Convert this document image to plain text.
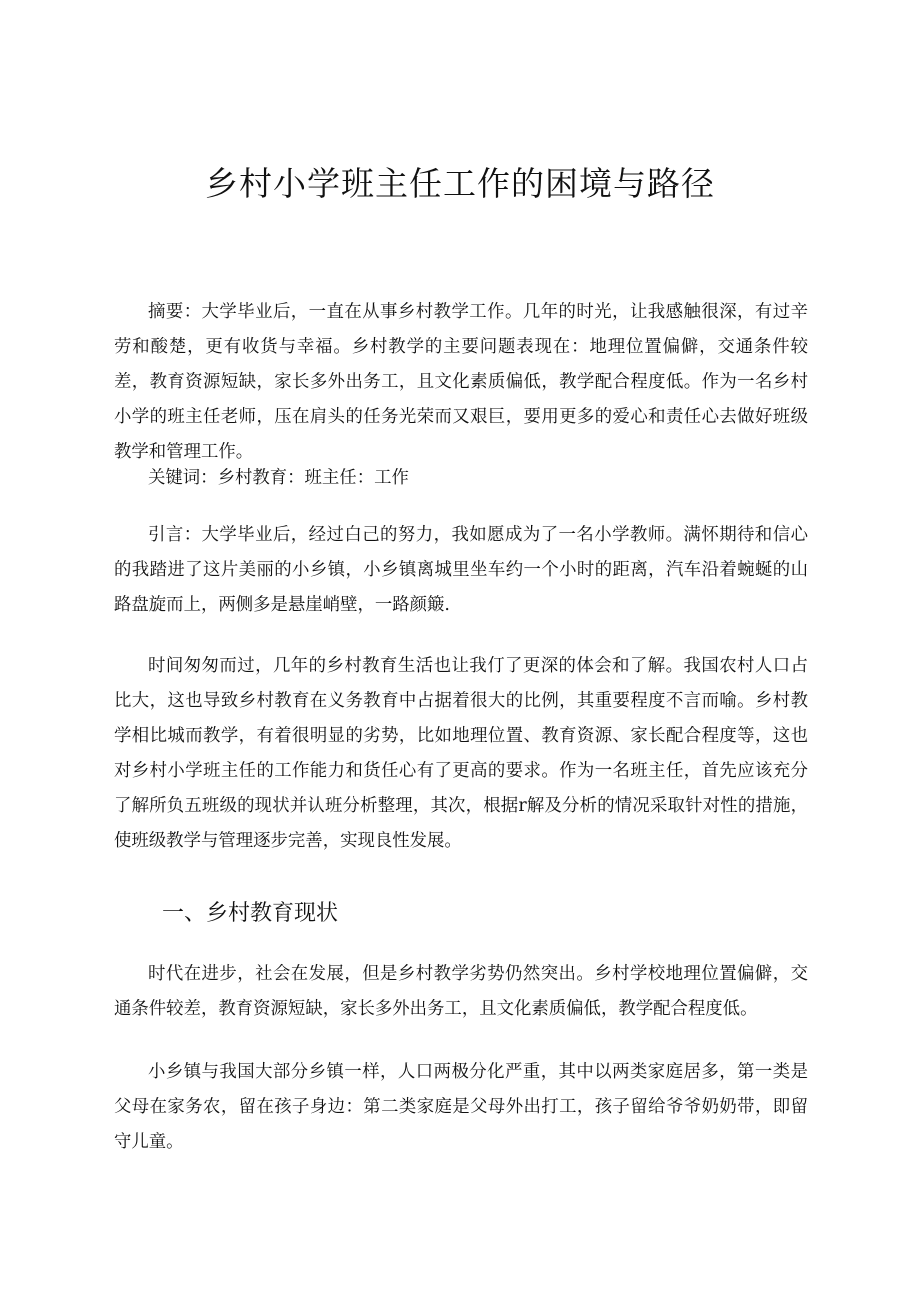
乡村小学班主任工作的困境与路径

摘要：大学毕业后，一直在从事乡村教学工作。几年的时光，让我感触很深，有过辛劳和酸楚，更有收货与幸福。乡村教学的主要问题表现在：地理位置偏僻，交通条件较差，教育资源短缺，家长多外出务工，且文化素质偏低，教学配合程度低。作为一名乡村小学的班主任老师，压在肩头的任务光荣而又艰巨，要用更多的爱心和责任心去做好班级教学和管理工作。

关键词：乡村教育：班主任：工作

引言：大学毕业后，经过白己的努力，我如愿成为了一名小学教师。满怀期待和信心的我踏进了这片美丽的小乡镇，小乡镇离城里坐车约一个小时的距离，汽车沿着蜿蜒的山路盘旋而上，两侧多是悬崖峭壁，一路颜簸.

时间匆匆而过，几年的乡村教育生活也让我仃了更深的体会和了解。我国农村人口占比大，这也导致乡村教育在义务教育中占据着很大的比例，其重要程度不言而喻。乡村教学相比城而教学，有着很明显的劣势，比如地理位置、教育资源、家长配合程度等，这也对乡村小学班主任的工作能力和货任心有了更高的要求。作为一名班主任，首先应该充分了解所负五班级的现状并认班分析整理，其次，根据r解及分析的情况采取针对性的措施，使班级教学与管理逐步完善，实现良性发展。

一、乡村教育现状

时代在进步，社会在发展，但是乡村教学劣势仍然突出。乡村学校地理位置偏僻，交通条件较差，教育资源短缺，家长多外出务工，且文化素质偏低，教学配合程度低。

小乡镇与我国大部分乡镇一样，人口两极分化严重，其中以两类家庭居多，第一类是父母在家务农，留在孩子身边：第二类家庭是父母外出打工，孩子留给爷爷奶奶带，即留守儿童。
